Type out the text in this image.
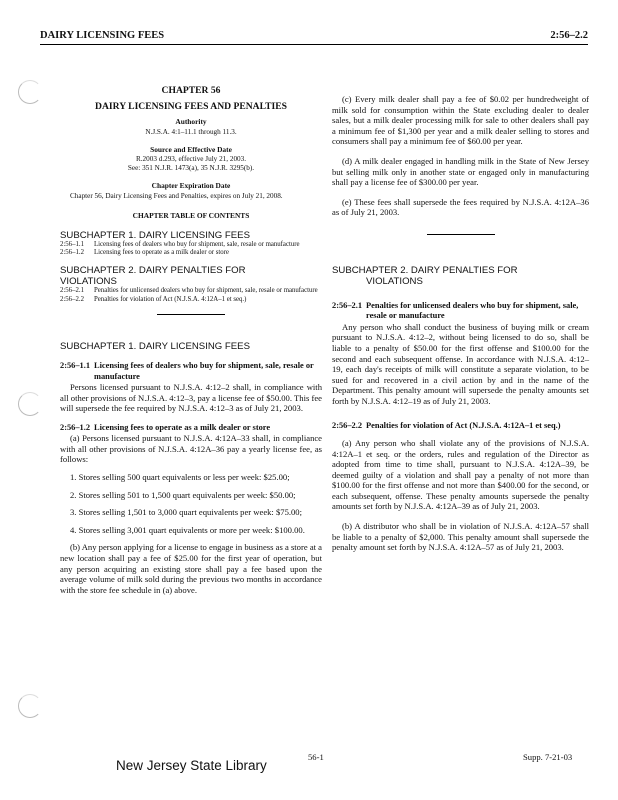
DAIRY LICENSING FEES	2:56–2.2
CHAPTER 56
DAIRY LICENSING FEES AND PENALTIES
Authority

N.J.S.A. 4:1–11.1 through 11.3.

Source and Effective Date

R.2003 d.293, effective July 21, 2003.

See: 351 N.J.R. 1473(a), 35 N.J.R. 3295(b).

Chapter Expiration Date

Chapter 56, Dairy Licensing Fees and Penalties, expires on July 21, 2008.

CHAPTER TABLE OF CONTENTS
SUBCHAPTER 1. DAIRY LICENSING FEES
2:56–1.1	Licensing fees of dealers who buy for shipment, sale, resale or manufacture
2:56–1.2	Licensing fees to operate as a milk dealer or store
SUBCHAPTER 2. DAIRY PENALTIES FOR VIOLATIONS
2:56–2.1	Penalties for unlicensed dealers who buy for shipment, sale, resale or manufacture
2:56–2.2	Penalties for violation of Act (N.J.S.A. 4:12A–1 et seq.)
SUBCHAPTER 1. DAIRY LICENSING FEES
2:56–1.1 Licensing fees of dealers who buy for shipment, sale, resale or manufacture

Persons licensed pursuant to N.J.S.A. 4:12–2 shall, in compliance with all other provisions of N.J.S.A. 4:12–3, pay a license fee of $50.00. This fee will supersede the fee required by N.J.S.A. 4:12–3 as of July 21, 2003.

2:56–1.2 Licensing fees to operate as a milk dealer or store

(a) Persons licensed pursuant to N.J.S.A. 4:12A–33 shall, in compliance with all other provisions of N.J.S.A. 4:12A–36 pay a yearly license fee, as follows:

1. Stores selling 500 quart equivalents or less per week: $25.00;

2. Stores selling 501 to 1,500 quart equivalents per week: $50.00;

3. Stores selling 1,501 to 3,000 quart equivalents per week: $75.00;

4. Stores selling 3,001 quart equivalents or more per week: $100.00.

(b) Any person applying for a license to engage in business as a store at a new location shall pay a fee of $25.00 for the first year of operation, but any person acquiring an existing store shall pay a fee based upon the average volume of milk sold during the previous two months in accordance with the store fee schedule in (a) above.

(c) Every milk dealer shall pay a fee of $0.02 per hundredweight of milk sold for consumption within the State excluding dealer to dealer sales, but a milk dealer processing milk for sale to other dealers shall pay a minimum fee of $1,300 per year and a milk dealer selling to stores and consumers shall pay a minimum fee of $60.00 per year.

(d) A milk dealer engaged in handling milk in the State of New Jersey but selling milk only in another state or engaged only in manufacturing shall pay a license fee of $300.00 per year.

(e) These fees shall supersede the fees required by N.J.S.A. 4:12A–36 as of July 21, 2003.

SUBCHAPTER 2. DAIRY PENALTIES FOR
VIOLATIONS
2:56–2.1 Penalties for unlicensed dealers who buy for shipment, sale, resale or manufacture

Any person who shall conduct the business of buying milk or cream pursuant to N.J.S.A. 4:12–2, without being licensed to do so, shall be liable to a penalty of $50.00 for the first offense and $100.00 for the second and each subsequent offense. In accordance with N.J.S.A. 4:12–19, each day's receipts of milk will constitute a separate violation, to be sued for and recovered in a civil action by and in the name of the Department. This penalty amount will supersede the penalty amounts set forth by N.J.S.A. 4:12–19 as of July 21, 2003.

2:56–2.2 Penalties for violation of Act (N.J.S.A. 4:12A–1 et seq.)

(a) Any person who shall violate any of the provisions of N.J.S.A. 4:12A–1 et seq. or the orders, rules and regulation of the Director as adopted from time to time shall, pursuant to N.J.S.A. 4:12A–39, be deemed guilty of a violation and shall pay a penalty of not more than $100.00 for the first offense and not more than $400.00 for the second, or each subsequent, offense. These penalty amounts supersede the penalty amounts set forth by N.J.S.A. 4:12A–39 as of July 21, 2003.

(b) A distributor who shall be in violation of N.J.S.A. 4:12A–57 shall be liable to a penalty of $2,000. This penalty amount shall supersede the penalty amount set forth by N.J.S.A. 4:12A–57 as of July 21, 2003.

56-1	Supp. 7-21-03
New Jersey State Library
